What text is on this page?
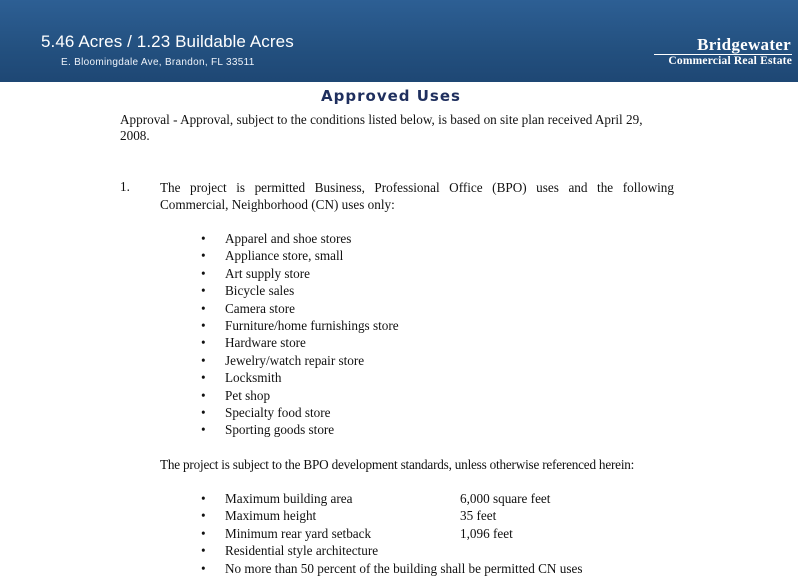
5.46 Acres / 1.23 Buildable Acres
E. Bloomingdale Ave, Brandon, FL 33511
Bridgewater
Commercial Real Estate
Approved Uses
Approval - Approval, subject to the conditions listed below, is based on site plan received April 29, 2008.
1. The project is permitted Business, Professional Office (BPO) uses and the following Commercial, Neighborhood (CN) uses only:
• Apparel and shoe stores
• Appliance store, small
• Art supply store
• Bicycle sales
• Camera store
• Furniture/home furnishings store
• Hardware store
• Jewelry/watch repair store
• Locksmith
• Pet shop
• Specialty food store
• Sporting goods store
The project is subject to the BPO development standards, unless otherwise referenced herein:
• Maximum building area	6,000 square feet
• Maximum height	35 feet
• Minimum rear yard setback	1,096 feet
• Residential style architecture
• No more than 50 percent of the building shall be permitted CN uses
